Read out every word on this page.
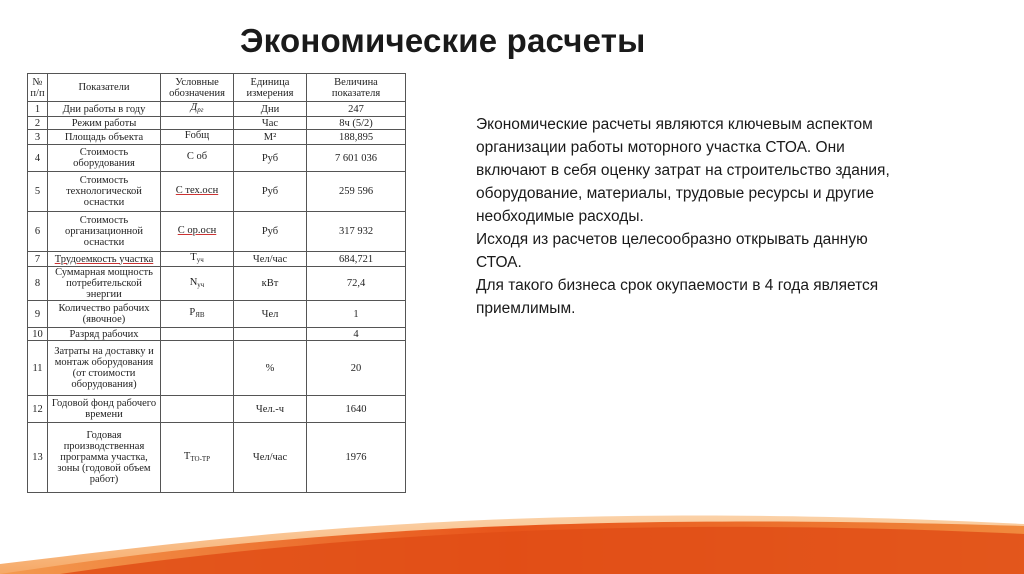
Экономические расчеты
№ п/п	Показатели	Условные обозначения	Единица измерения	Величина показателя
1	Дни работы в году	$Д_{рг}$	Дни	247
2	Режим работы		Час	8ч (5/2)
3	Площадь объекта	Fобщ	М²	188,895
4	Стоимость оборудования	С об	Руб	7 601 036
5	Стоимость технологической оснастки	С тех.осн	Руб	259 596
6	Стоимость организационной оснастки	С ор.осн	Руб	317 932
7	Трудоемкость участка	$T_{уч}$	Чел/час	684,721
8	Суммарная мощность потребительской энергии	$N_{уч}$	кВт	72,4
9	Количество рабочих (явочное)	$Р_{ЯВ}$	Чел	1
10	Разряд рабочих			4
11	Затраты на доставку и монтаж оборудования (от стоимости оборудования)		%	20
12	Годовой фонд рабочего времени		Чел.-ч	1640
13	Годовая производственная программа участка, зоны (годовой объем работ)	$Т_{ТО-ТР}$	Чел/час	1976

Экономические расчеты являются ключевым аспектом организации работы моторного участка СТОА. Они включают в себя оценку затрат на строительство здания, оборудование, материалы, трудовые ресурсы и другие необходимые расходы.

Исходя из расчетов целесообразно открывать данную СТОА.

Для такого бизнеса срок окупаемости в 4 года является приемлимым.
